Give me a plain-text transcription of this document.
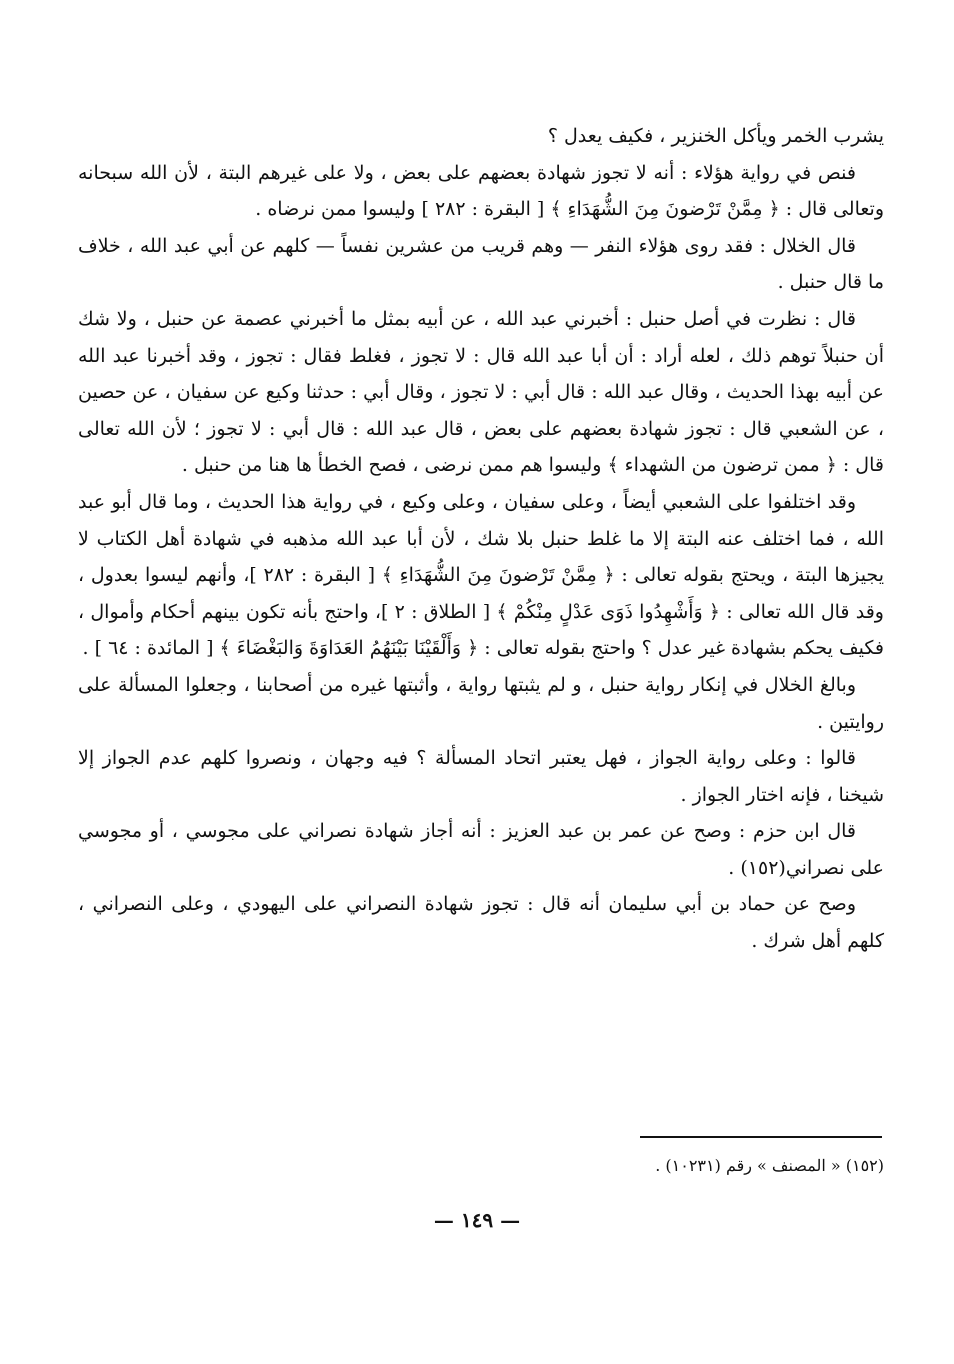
يشرب الخمر ويأكل الخنزير ، فكيف يعدل ؟

فنص في رواية هؤلاء : أنه لا تجوز شهادة بعضهم على بعض ، ولا على غيرهم البتة ، لأن الله سبحانه وتعالى قال : ﴿ مِمَّنْ تَرْضونَ مِنَ الشُّهَدَاءِ ﴾ [ البقرة : ٢٨٢ ] وليسوا ممن نرضاه .

قال الخلال : فقد روى هؤلاء النفر — وهم قريب من عشرين نفساً — كلهم عن أبي عبد الله ، خلاف ما قال حنبل .

قال : نظرت في أصل حنبل : أخبرني عبد الله ، عن أبيه بمثل ما أخبرني عصمة عن حنبل ، ولا شك أن حنبلاً توهم ذلك ، لعله أراد : أن أبا عبد الله قال : لا تجوز ، فغلط فقال : تجوز ، وقد أخبرنا عبد الله عن أبيه بهذا الحديث ، وقال عبد الله : قال أبي : لا تجوز ، وقال أبي : حدثنا وكيع عن سفيان ، عن حصين ، عن الشعبي قال : تجوز شهادة بعضهم على بعض ، قال عبد الله : قال أبي : لا تجوز ؛ لأن الله تعالى قال : ﴿ ممن ترضون من الشهداء ﴾ وليسوا هم ممن نرضى ، فصح الخطأ ها هنا من حنبل .

وقد اختلفوا على الشعبي أيضاً ، وعلى سفيان ، وعلى وكيع ، في رواية هذا الحديث ، وما قال أبو عبد الله ، فما اختلف عنه البتة إلا ما غلط حنبل بلا شك ، لأن أبا عبد الله مذهبه في شهادة أهل الكتاب لا يجيزها البتة ، ويحتج بقوله تعالى : ﴿ مِمَّنْ تَرْضونَ مِنَ الشُّهَدَاءِ ﴾ [ البقرة : ٢٨٢ ]، وأنهم ليسوا بعدول ، وقد قال الله تعالى : ﴿ وَأَشْهِدُوا ذَوَى عَدْلٍ مِنْكُمْ ﴾ [ الطلاق : ٢ ]، واحتج بأنه تكون بينهم أحكام وأموال ، فكيف يحكم بشهادة غير عدل ؟ واحتج بقوله تعالى : ﴿ وَأَلْقَيْنَا بَيْنَهُمُ العَدَاوَةَ وَالبَغْضَاءَ ﴾ [ المائدة : ٦٤ ] .

وبالغ الخلال في إنكار رواية حنبل ، و لم يثبتها رواية ، وأثبتها غيره من أصحابنا ، وجعلوا المسألة على روايتين .

قالوا : وعلى رواية الجواز ، فهل يعتبر اتحاد المسألة ؟ فيه وجهان ، ونصروا كلهم عدم الجواز إلا شيخنا ، فإنه اختار الجواز .

قال ابن حزم : وصح عن عمر بن عبد العزيز : أنه أجاز شهادة نصراني على مجوسي ، أو مجوسي على نصراني(١٥٢) .

وصح عن حماد بن أبي سليمان أنه قال : تجوز شهادة النصراني على اليهودي ، وعلى النصراني ، كلهم أهل شرك .

(١٥٢) « المصنف » رقم (١٠٢٣١) .
— ١٤٩ —
